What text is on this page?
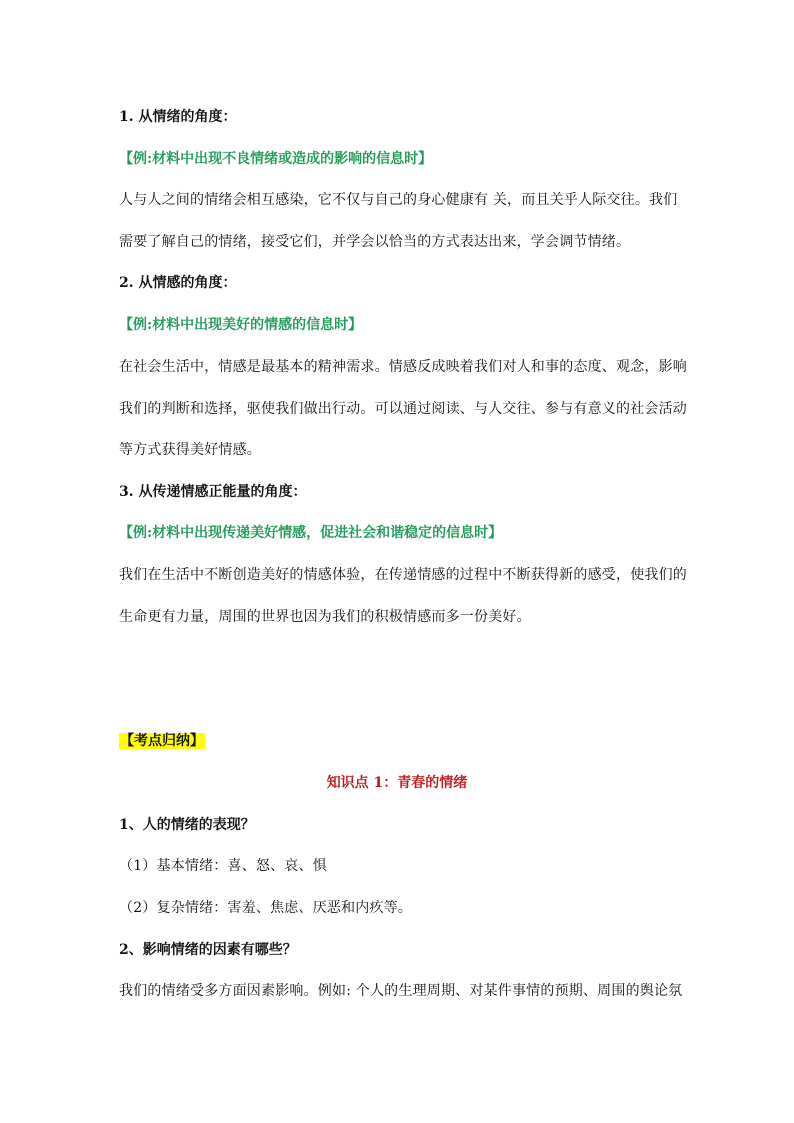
1. 从情绪的角度：
【例:材料中出现不良情绪或造成的影响的信息时】
人与人之间的情绪会相互感染，它不仅与自己的身心健康有 关，而且关乎人际交往。我们
需要了解自己的情绪，接受它们，并学会以恰当的方式表达出来，学会调节情绪。
2. 从情感的角度：
【例:材料中出现美好的情感的信息时】
在社会生活中，情感是最基本的精神需求。情感反成映着我们对人和事的态度、观念，影响
我们的判断和选择，驱使我们做出行动。可以通过阅读、与人交往、参与有意义的社会活动
等方式获得美好情感。
3. 从传递情感正能量的角度：
【例:材料中出现传递美好情感，促进社会和谐稳定的信息时】
我们在生活中不断创造美好的情感体验，在传递情感的过程中不断获得新的感受，使我们的
生命更有力量，周围的世界也因为我们的积极情感而多一份美好。
【考点归纳】
知识点 1：青春的情绪
1、人的情绪的表现？
（1）基本情绪：喜、怒、哀、惧
（2）复杂情绪：害羞、焦虑、厌恶和内疚等。
2、影响情绪的因素有哪些？
我们的情绪受多方面因素影响。例如: 个人的生理周期、对某件事情的预期、周围的舆论氛
